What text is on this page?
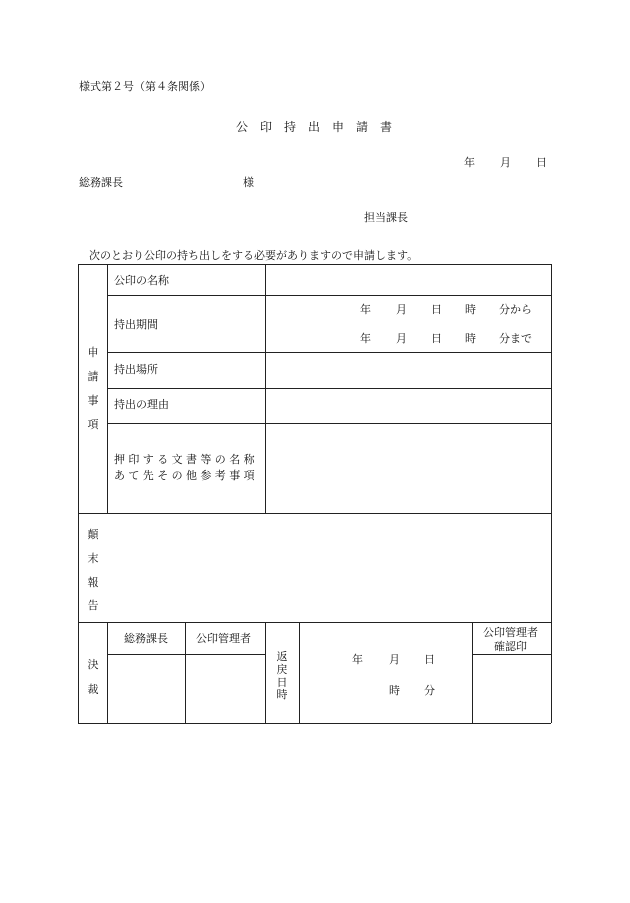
様式第２号（第４条関係）
公　印　持　出　申　請　書
年 月 日
総務課長	様
担当課長
次のとおり公印の持ち出しをする必要がありますので申請します。
申
請
事
項
公印の名称
持出期間
年 月 日 時 分から
年 月 日 時 分まで
持出場所
持出の理由
押印する文書等の名称
あて先その他参考事項
顛
末
報
告
決
裁
総務課長	公印管理者
返
戻
日
時
年 月 日
時 分
公印管理者
確認印
